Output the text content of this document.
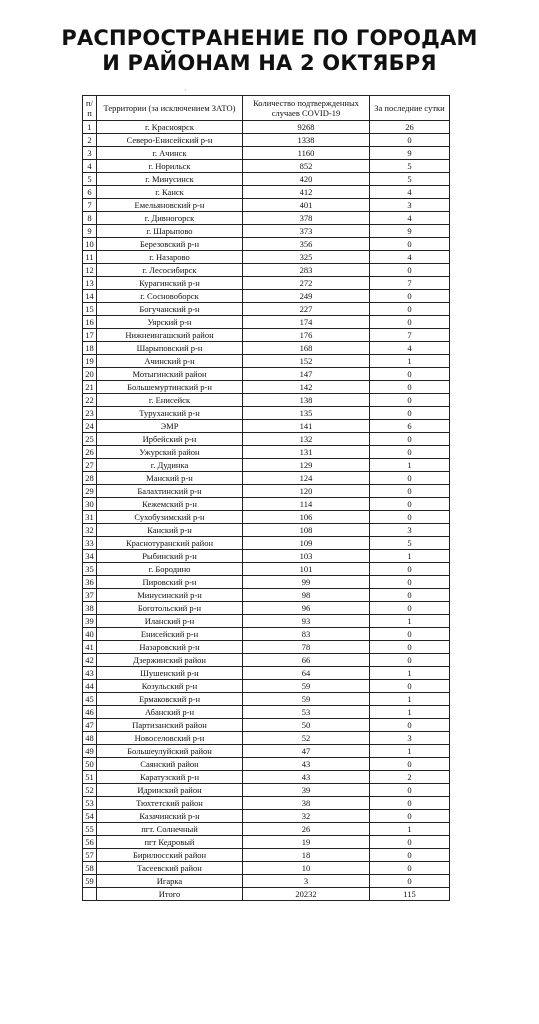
РАСПРОСТРАНЕНИЕ ПО ГОРОДАМ
И РАЙОНАМ НА 2 ОКТЯБРЯ
·
п/п	Территории (за исключением ЗАТО)	Количество подтвержденных случаев COVID-19	За последние сутки
1	г. Красноярск	9268	26
2	Северо-Енисейский р-н	1338	0
3	г. Ачинск	1160	9
4	г. Норильск	852	5
5	г. Минусинск	420	5
6	г. Канск	412	4
7	Емельяновский р-н	401	3
8	г. Дивногорск	378	4
9	г. Шарыпово	373	9
10	Березовский р-н	356	0
11	г. Назарово	325	4
12	г. Лесосибирск	283	0
13	Курагинский р-н	272	7
14	г. Сосновоборск	249	0
15	Богучанский р-н	227	0
16	Уярский р-н	174	0
17	Нижнеингашский район	176	7
18	Шарыповский р-н	168	4
19	Ачинский р-н	152	1
20	Мотыгинский район	147	0
21	Большемуртинский р-н	142	0
22	г. Енисейск	138	0
23	Туруханский р-н	135	0
24	ЭМР	141	6
25	Ирбейский р-н	132	0
26	Ужурский район	131	0
27	г. Дудинка	129	1
28	Манский р-н	124	0
29	Балахтинский р-н	120	0
30	Кежемский р-н	114	0
31	Сухобузимский р-н	106	0
32	Канский р-н	108	3
33	Краснотуранский район	109	5
34	Рыбинский р-н	103	1
35	г. Бородино	101	0
36	Пировский р-н	99	0
37	Минусинский р-н	98	0
38	Боготольский р-н	96	0
39	Иланский р-н	93	1
40	Енисейский р-н	83	0
41	Назаровский р-н	78	0
42	Дзержинский район	66	0
43	Шушенский р-н	64	1
44	Козульский р-н	59	0
45	Ермаковский р-н	59	1
46	Абанский р-н	53	1
47	Партизанский район	50	0
48	Новоселовский р-н	52	3
49	Большеулуйский район	47	1
50	Саянский район	43	0
51	Каратузский р-н	43	2
52	Идринский район	39	0
53	Тюхтетский район	38	0
54	Казачинский р-н	32	0
55	пгт. Солнечный	26	1
56	пгт Кедровый	19	0
57	Бирилюсский район	18	0
58	Тасеевский район	10	0
59	Игарка	3	0
	Итого	20232	115
